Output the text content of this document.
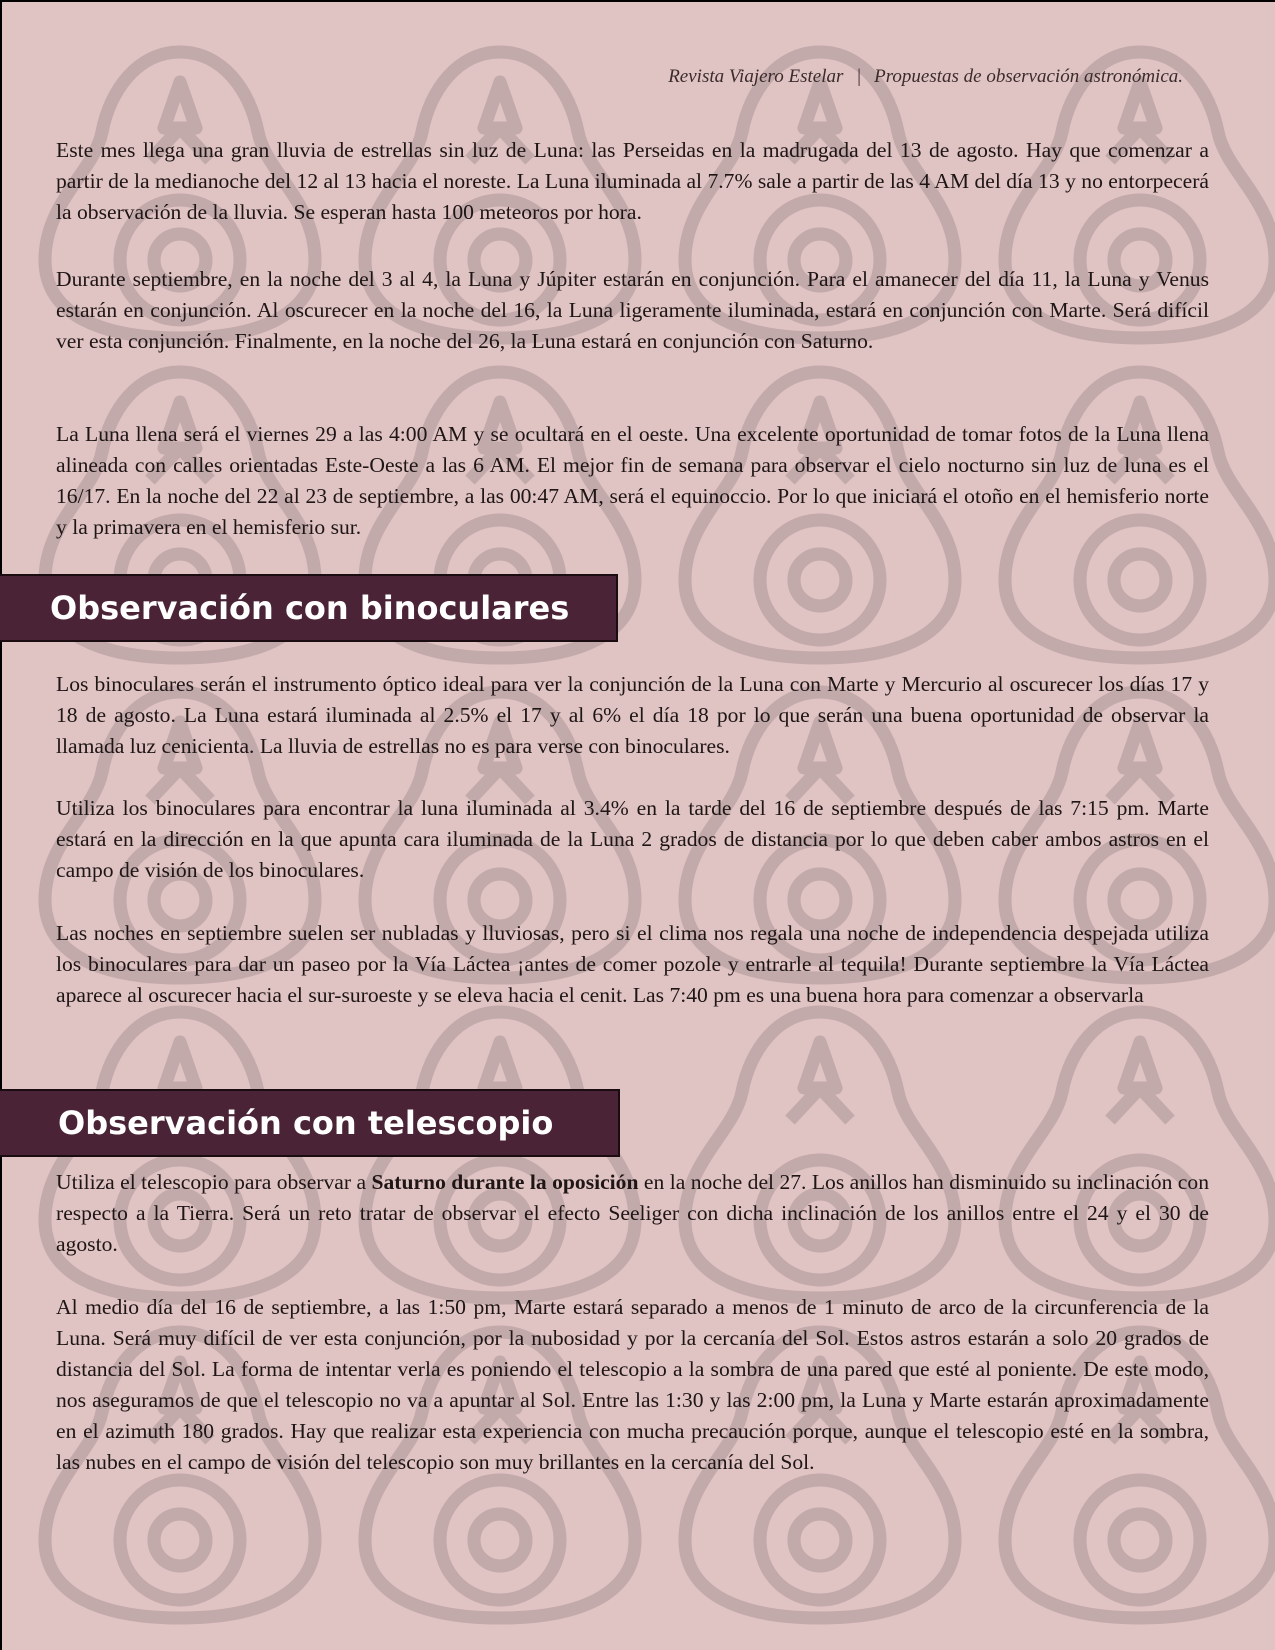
Revista Viajero Estelar | Propuestas de observación astronómica.

Este mes llega una gran lluvia de estrellas sin luz de Luna: las Perseidas en la madrugada del 13 de agosto. Hay que comenzar a partir de la medianoche del 12 al 13 hacia el noreste. La Luna iluminada al 7.7% sale a partir de las 4 AM del día 13 y no entorpecerá la observación de la lluvia. Se esperan hasta 100 meteoros por hora.

Durante septiembre, en la noche del 3 al 4, la Luna y Júpiter estarán en conjunción. Para el amanecer del día 11, la Luna y Venus estarán en conjunción. Al oscurecer en la noche del 16, la Luna ligeramente iluminada, estará en conjunción con Marte. Será difícil ver esta conjunción. Finalmente, en la noche del 26, la Luna estará en conjunción con Saturno.

La Luna llena será el viernes 29 a las 4:00 AM y se ocultará en el oeste. Una excelente oportunidad de tomar fotos de la Luna llena alineada con calles orientadas Este-Oeste a las 6 AM. El mejor fin de semana para observar el cielo nocturno sin luz de luna es el 16/17. En la noche del 22 al 23 de septiembre, a las 00:47 AM, será el equinoccio. Por lo que iniciará el otoño en el hemisferio norte y la primavera en el hemisferio sur.

Observación con binoculares

Los binoculares serán el instrumento óptico ideal para ver la conjunción de la Luna con Marte y Mercurio al oscurecer los días 17 y 18 de agosto. La Luna estará iluminada al 2.5% el 17 y al 6% el día 18 por lo que serán una buena oportunidad de observar la llamada luz cenicienta. La lluvia de estrellas no es para verse con binoculares.

Utiliza los binoculares para encontrar la luna iluminada al 3.4% en la tarde del 16 de septiembre después de las 7:15 pm. Marte estará en la dirección en la que apunta cara iluminada de la Luna 2 grados de distancia por lo que deben caber ambos astros en el campo de visión de los binoculares.

Las noches en septiembre suelen ser nubladas y lluviosas, pero si el clima nos regala una noche de independencia despejada utiliza los binoculares para dar un paseo por la Vía Láctea ¡antes de comer pozole y entrarle al tequila! Durante septiembre la Vía Láctea aparece al oscurecer hacia el sur-suroeste y se eleva hacia el cenit. Las 7:40 pm es una buena hora para comenzar a observarla

Observación con telescopio

Utiliza el telescopio para observar a Saturno durante la oposición en la noche del 27. Los anillos han disminuido su inclinación con respecto a la Tierra. Será un reto tratar de observar el efecto Seeliger con dicha inclinación de los anillos entre el 24 y el 30 de agosto.

Al medio día del 16 de septiembre, a las 1:50 pm, Marte estará separado a menos de 1 minuto de arco de la circunferencia de la Luna. Será muy difícil de ver esta conjunción, por la nubosidad y por la cercanía del Sol. Estos astros estarán a solo 20 grados de distancia del Sol. La forma de intentar verla es poniendo el telescopio a la sombra de una pared que esté al poniente. De este modo, nos aseguramos de que el telescopio no va a apuntar al Sol. Entre las 1:30 y las 2:00 pm, la Luna y Marte estarán aproximadamente en el azimuth 180 grados. Hay que realizar esta experiencia con mucha precaución porque, aunque el telescopio esté en la sombra, las nubes en el campo de visión del telescopio son muy brillantes en la cercanía del Sol.
